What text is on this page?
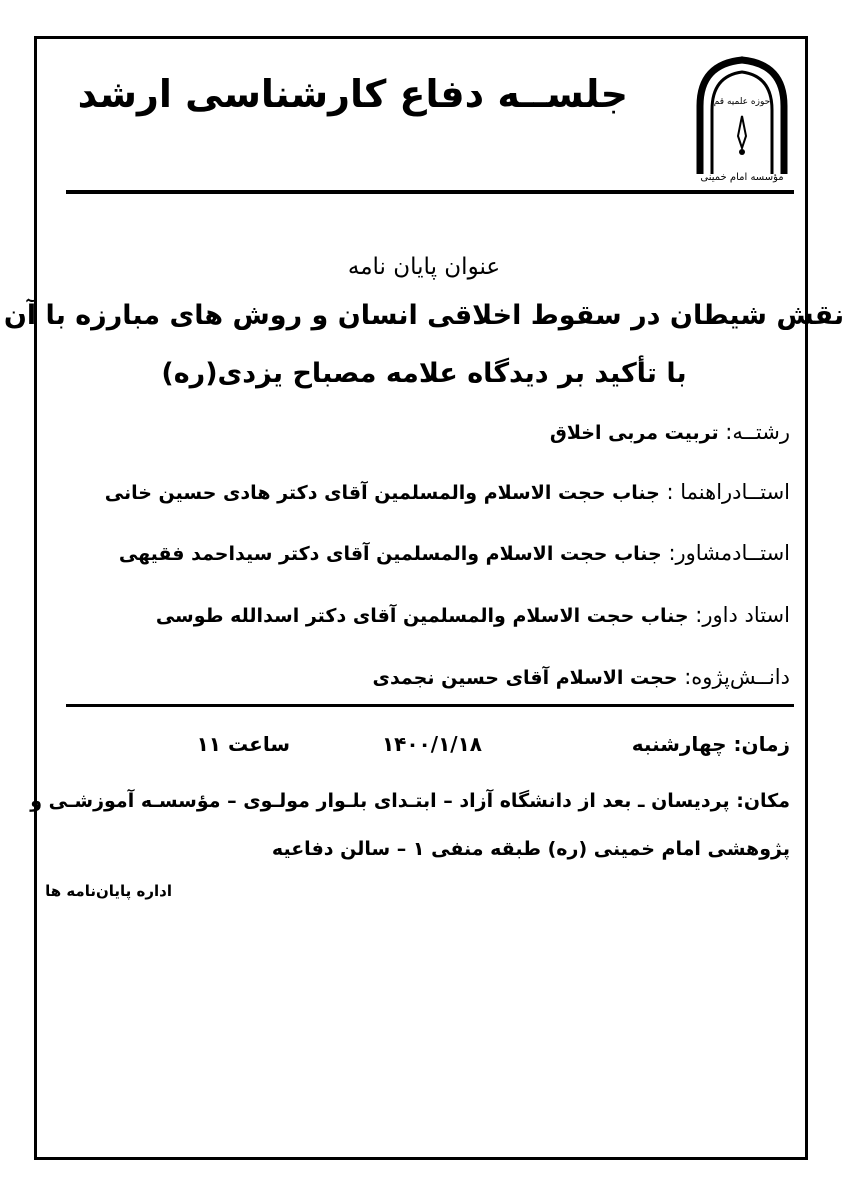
حوزه علمیه قم
مؤسسه امام خمینی
جلســه دفاع کارشناسی ارشد
عنوان پایان نامه
نقش شیطان در سقوط اخلاقی انسان و روش های مبارزه با آن
با تأکید بر دیدگاه علامه مصباح یزدی(ره)
رشتــه: تربیت مربی اخلاق
استــادراهنما : جناب حجت الاسلام والمسلمین آقای دکتر هادی حسین خانی
استــادمشاور: جناب حجت الاسلام والمسلمین آقای دکتر سیداحمد فقیهی
استاد داور: جناب حجت الاسلام والمسلمین آقای دکتر اسدالله طوسی
دانــش‌پژوه: حجت الاسلام آقای حسین نجمدی
زمان: چهارشنبه
۱۴۰۰/۱/۱۸
ساعت ۱۱
مکان: پردیسان ـ بعد از دانشگاه آزاد – ابتـدای بلـوار مولـوی – مؤسسـه آموزشـی و
پژوهشی امام خمینی (ره) طبقه منفی ۱ – سالن دفاعیه
اداره پایان‌نامه ها
